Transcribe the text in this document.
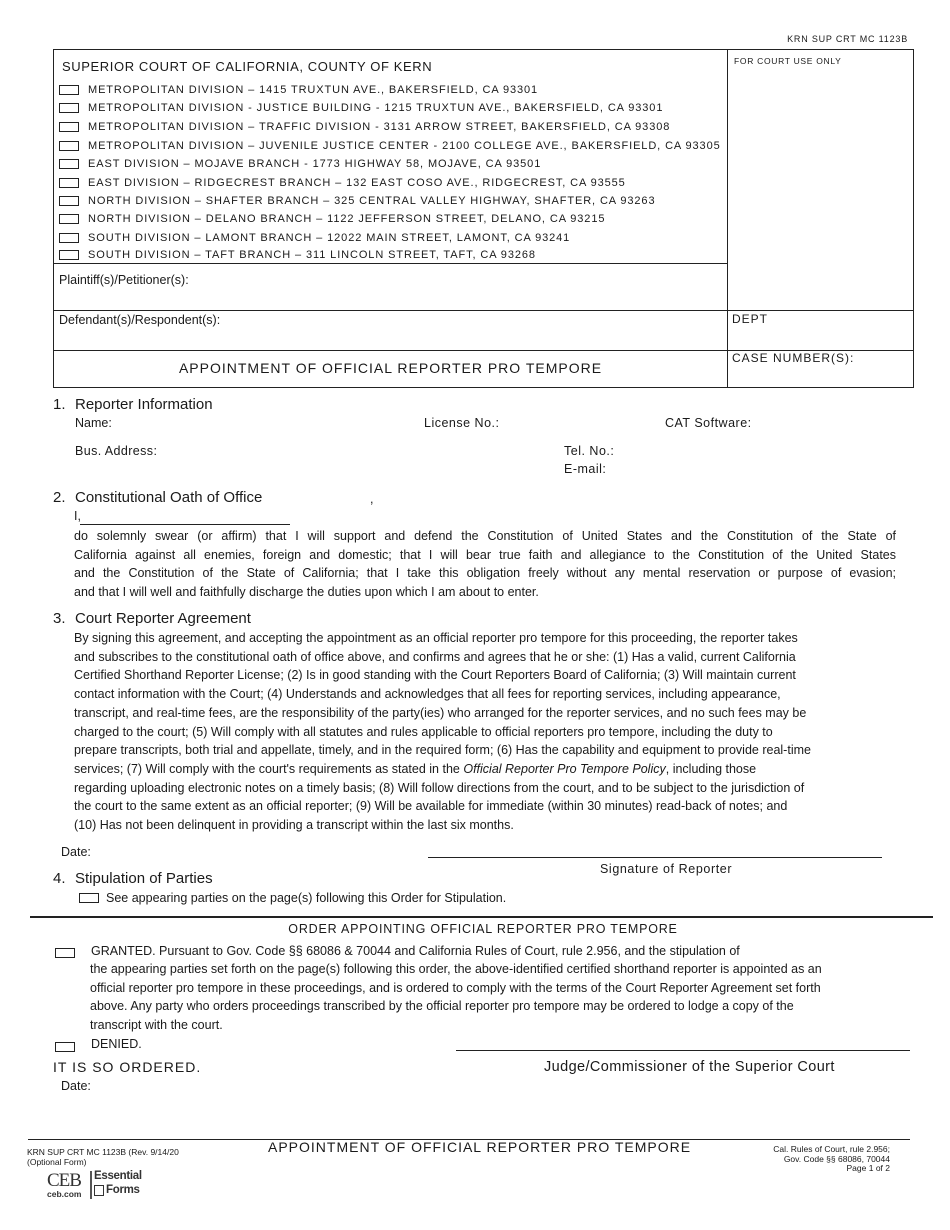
KRN SUP CRT MC 1123B
SUPERIOR COURT OF CALIFORNIA, COUNTY OF KERN
METROPOLITAN DIVISION – 1415 TRUXTUN AVE., BAKERSFIELD, CA 93301
METROPOLITAN DIVISION - JUSTICE BUILDING - 1215 TRUXTUN AVE., BAKERSFIELD, CA 93301
METROPOLITAN DIVISION – TRAFFIC DIVISION - 3131 ARROW STREET, BAKERSFIELD, CA 93308
METROPOLITAN DIVISION – JUVENILE JUSTICE CENTER - 2100 COLLEGE AVE., BAKERSFIELD, CA 93305
EAST DIVISION – MOJAVE BRANCH - 1773 HIGHWAY 58, MOJAVE, CA 93501
EAST DIVISION – RIDGECREST BRANCH – 132 EAST COSO AVE., RIDGECREST, CA 93555
NORTH DIVISION – SHAFTER BRANCH – 325 CENTRAL VALLEY HIGHWAY, SHAFTER, CA 93263
NORTH DIVISION – DELANO BRANCH – 1122 JEFFERSON STREET, DELANO, CA 93215
SOUTH DIVISION – LAMONT BRANCH – 12022 MAIN STREET, LAMONT, CA 93241
SOUTH DIVISION – TAFT BRANCH – 311 LINCOLN STREET, TAFT, CA 93268
FOR COURT USE ONLY
Plaintiff(s)/Petitioner(s):
Defendant(s)/Respondent(s):	DEPT
APPOINTMENT OF OFFICIAL REPORTER PRO TEMPORE
CASE NUMBER(S):
1. Reporter Information
Name:	License No.:	CAT Software:
Bus. Address:	Tel. No.:
E-mail:
2. Constitutional Oath of Office	,
I,
do solemnly swear (or affirm) that I will support and defend the Constitution of United States and the Constitution of the State of
California against all enemies, foreign and domestic; that I will bear true faith and allegiance to the Constitution of the United States
and the Constitution of the State of California; that I take this obligation freely without any mental reservation or purpose of evasion;
and that I will well and faithfully discharge the duties upon which I am about to enter.
3. Court Reporter Agreement
By signing this agreement, and accepting the appointment as an official reporter pro tempore for this proceeding, the reporter takes
and subscribes to the constitutional oath of office above, and confirms and agrees that he or she: (1) Has a valid, current California
Certified Shorthand Reporter License; (2) Is in good standing with the Court Reporters Board of California; (3) Will maintain current
contact information with the Court; (4) Understands and acknowledges that all fees for reporting services, including appearance,
transcript, and real-time fees, are the responsibility of the party(ies) who arranged for the reporter services, and no such fees may be
charged to the court; (5) Will comply with all statutes and rules applicable to official reporters pro tempore, including the duty to
prepare transcripts, both trial and appellate, timely, and in the required form; (6) Has the capability and equipment to provide real-time
services; (7) Will comply with the court's requirements as stated in the Official Reporter Pro Tempore Policy, including those
regarding uploading electronic notes on a timely basis; (8) Will follow directions from the court, and to be subject to the jurisdiction of
the court to the same extent as an official reporter; (9) Will be available for immediate (within 30 minutes) read-back of notes; and
(10) Has not been delinquent in providing a transcript within the last six months.
Date:
Signature of Reporter
4. Stipulation of Parties
See appearing parties on the page(s) following this Order for Stipulation.
ORDER APPOINTING OFFICIAL REPORTER PRO TEMPORE
GRANTED. Pursuant to Gov. Code §§ 68086 & 70044 and California Rules of Court, rule 2.956, and the stipulation of
the appearing parties set forth on the page(s) following this order, the above-identified certified shorthand reporter is appointed as an
official reporter pro tempore in these proceedings, and is ordered to comply with the terms of the Court Reporter Agreement set forth
above. Any party who orders proceedings transcribed by the official reporter pro tempore may be ordered to lodge a copy of the
transcript with the court.
DENIED.
IT IS SO ORDERED.	Judge/Commissioner of the Superior Court
Date:
KRN SUP CRT MC 1123B (Rev. 9/14/20
(Optional Form)
APPOINTMENT OF OFFICIAL REPORTER PRO TEMPORE	Cal. Rules of Court, rule 2.956;
Gov. Code §§ 68086, 70044
Page 1 of 2
CEB
ceb.com
Essential
Forms
